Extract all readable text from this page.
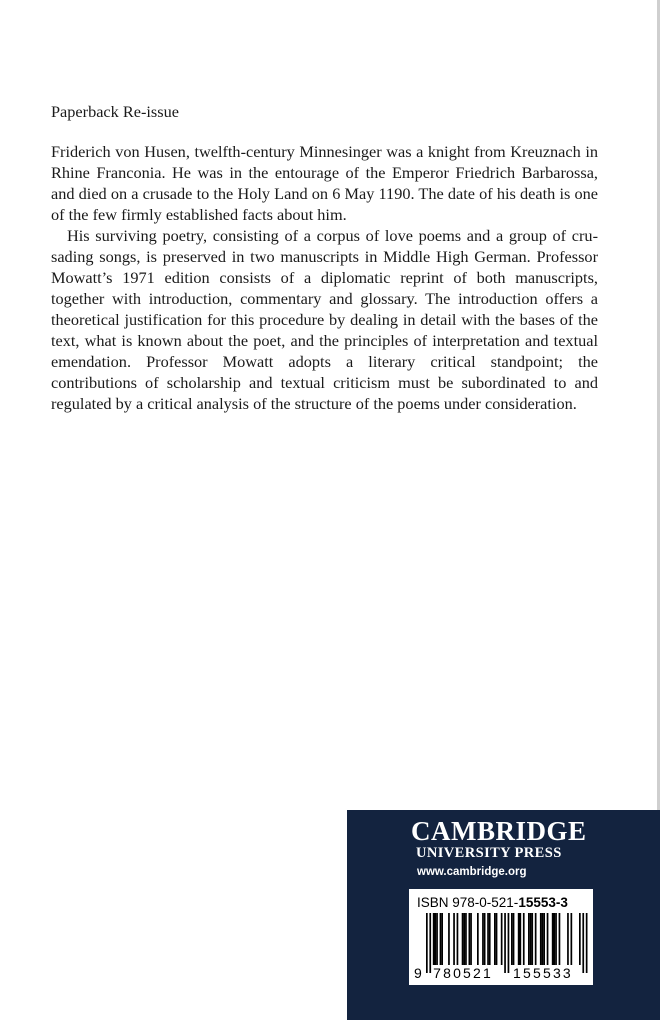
Paperback Re-issue

Friderich von Husen, twelfth-century Minnesinger was a knight from Kreuznach in Rhine Franconia. He was in the entourage of the Emperor Friedrich Barbarossa, and died on a crusade to the Holy Land on 6 May 1190. The date of his death is one of the few firmly established facts about him.

His surviving poetry, consisting of a corpus of love poems and a group of crusading songs, is preserved in two manuscripts in Middle High German. Professor Mowatt’s 1971 edition consists of a diplomatic reprint of both manuscripts, together with introduction, commentary and glossary. The introduction offers a theoretical justification for this procedure by dealing in detail with the bases of the text, what is known about the poet, and the principles of interpretation and textual emendation. Professor Mowatt adopts a literary critical standpoint; the contributions of scholarship and textual criticism must be subordinated to and regulated by a critical analysis of the structure of the poems under consideration.

CAMBRIDGE
UNIVERSITY PRESS
www.cambridge.org
ISBN 978-0-521-15553-3
9 780521 155533
